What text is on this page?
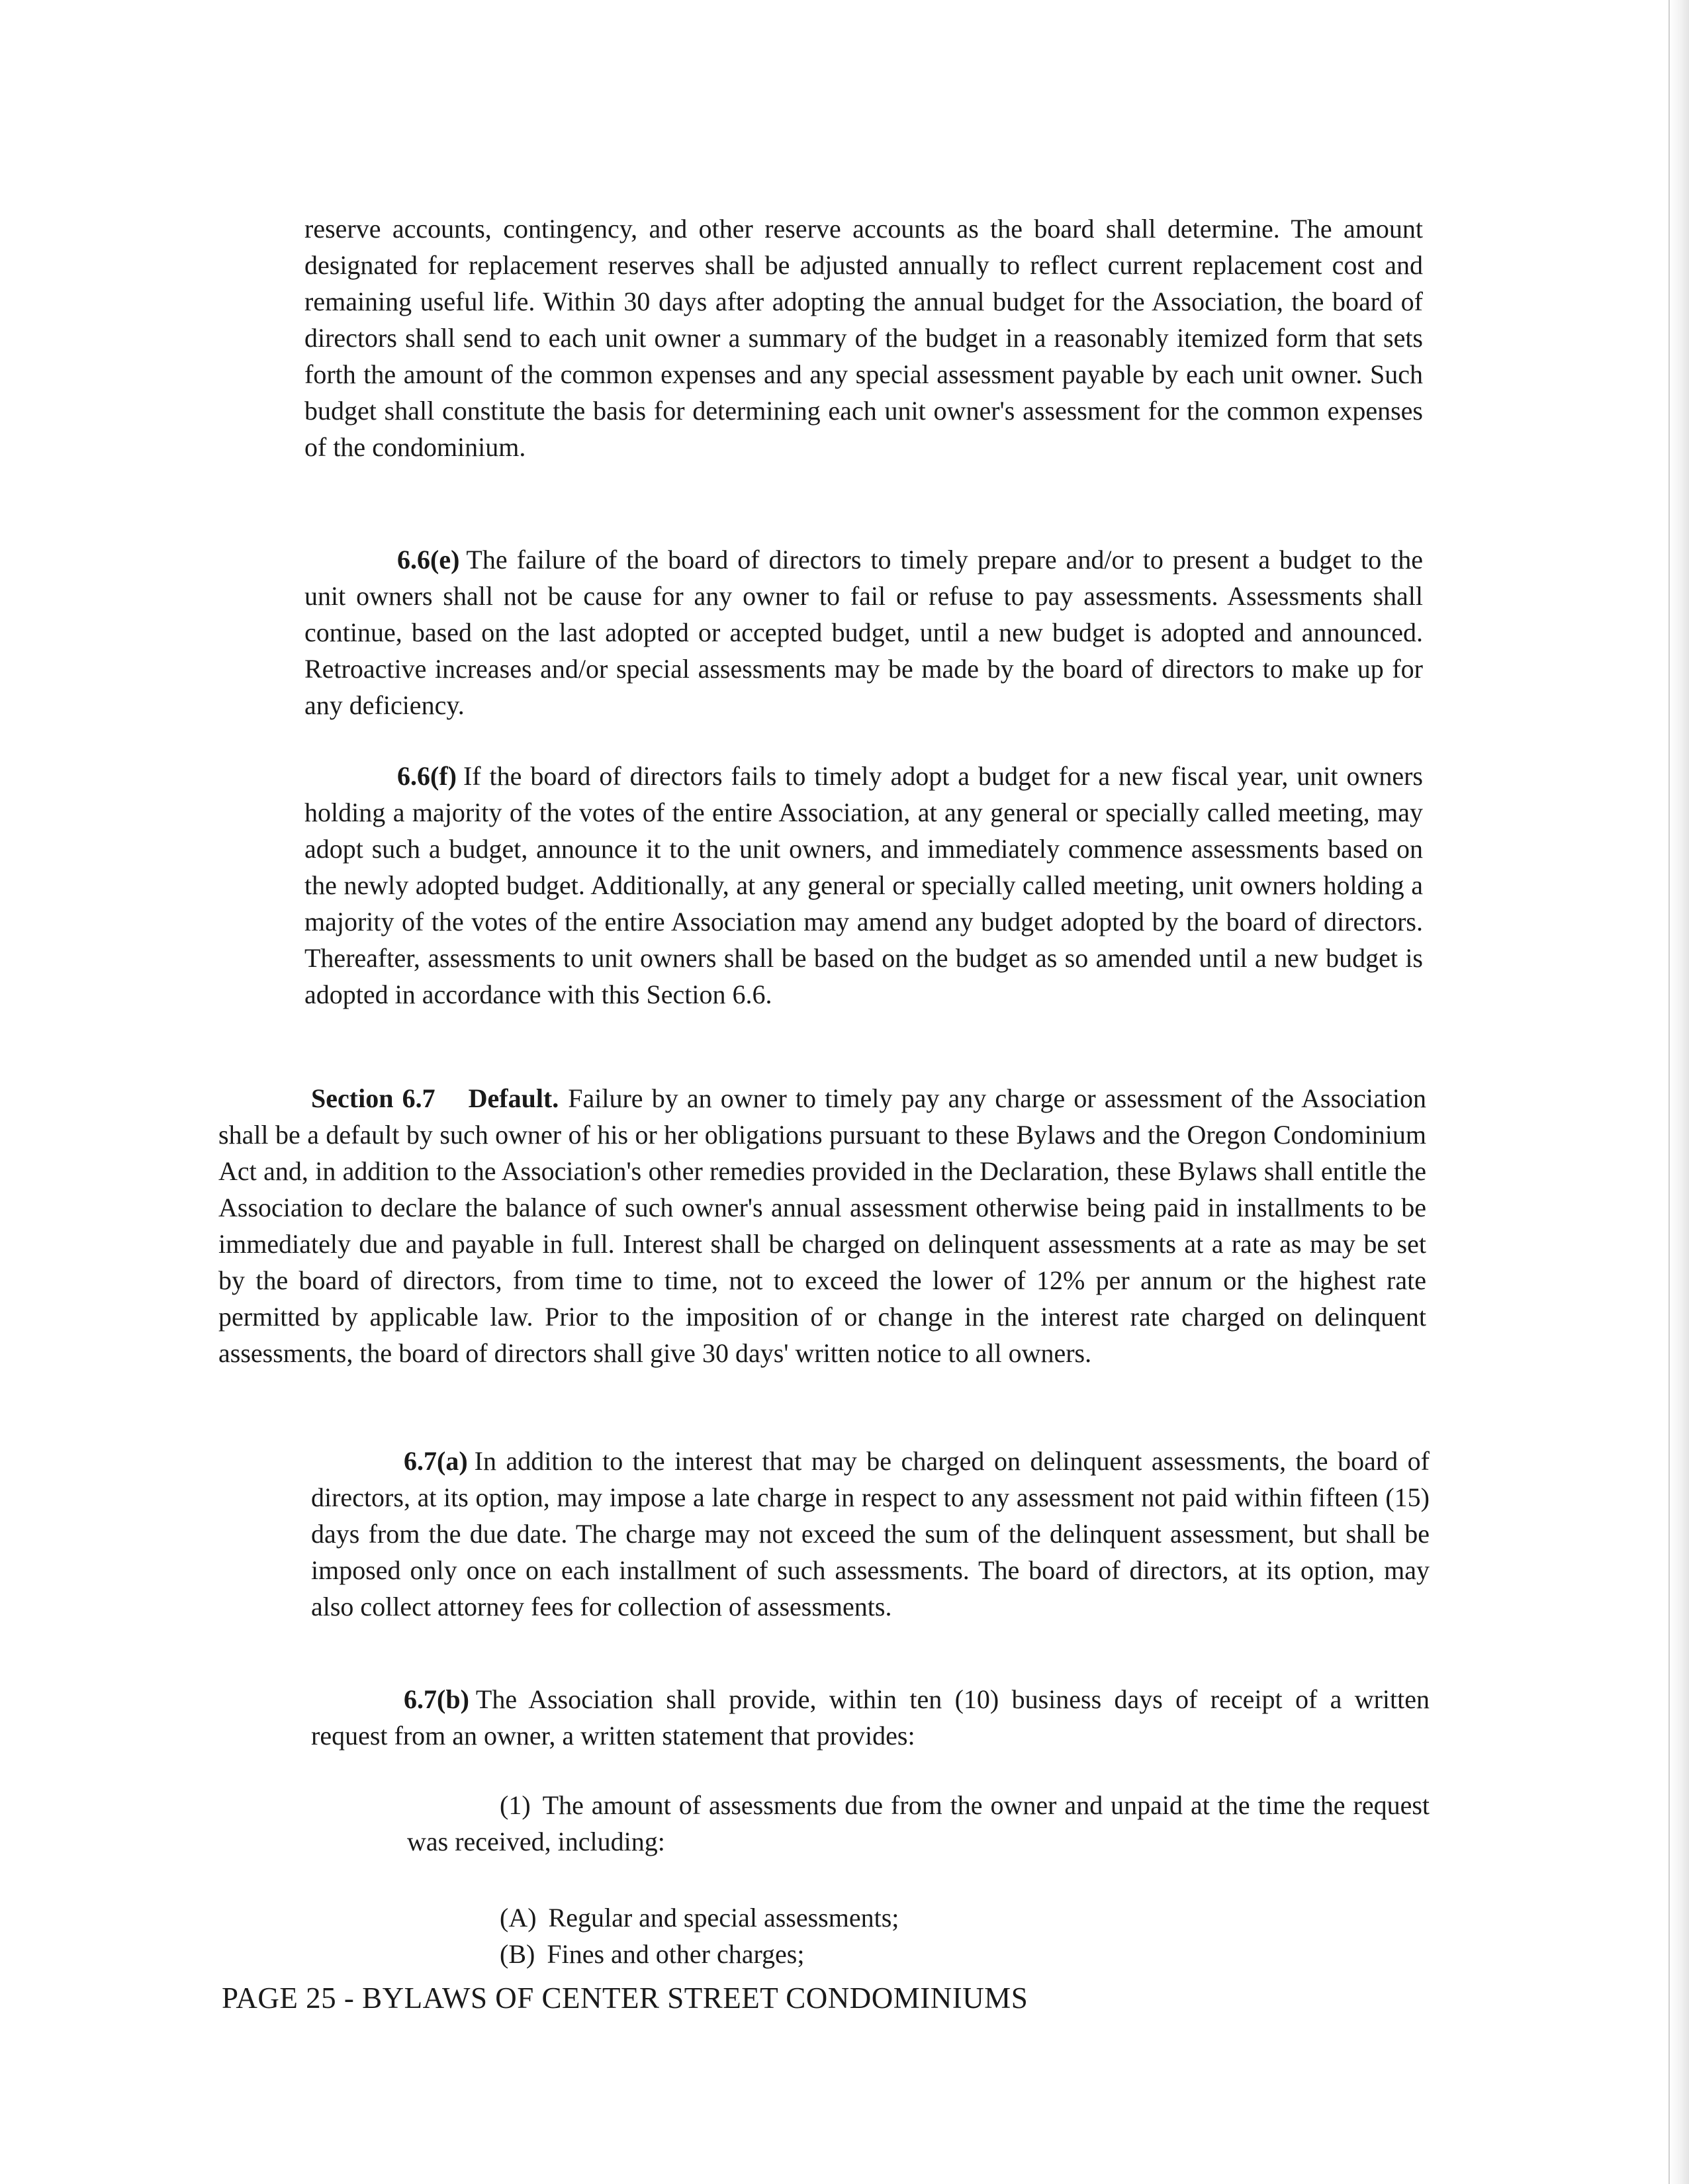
reserve accounts, contingency, and other reserve accounts as the board shall determine. The amount designated for replacement reserves shall be adjusted annually to reflect current replacement cost and remaining useful life. Within 30 days after adopting the annual budget for the Association, the board of directors shall send to each unit owner a summary of the budget in a reasonably itemized form that sets forth the amount of the common expenses and any special assessment payable by each unit owner. Such budget shall constitute the basis for determining each unit owner's assessment for the common expenses of the condominium.

6.6(e) The failure of the board of directors to timely prepare and/or to present a budget to the unit owners shall not be cause for any owner to fail or refuse to pay assessments. Assessments shall continue, based on the last adopted or accepted budget, until a new budget is adopted and announced. Retroactive increases and/or special assessments may be made by the board of directors to make up for any deficiency.

6.6(f) If the board of directors fails to timely adopt a budget for a new fiscal year, unit owners holding a majority of the votes of the entire Association, at any general or specially called meeting, may adopt such a budget, announce it to the unit owners, and immediately commence assessments based on the newly adopted budget. Additionally, at any general or specially called meeting, unit owners holding a majority of the votes of the entire Association may amend any budget adopted by the board of directors. Thereafter, assessments to unit owners shall be based on the budget as so amended until a new budget is adopted in accordance with this Section 6.6.

Section 6.7 Default. Failure by an owner to timely pay any charge or assessment of the Association shall be a default by such owner of his or her obligations pursuant to these Bylaws and the Oregon Condominium Act and, in addition to the Association's other remedies provided in the Declaration, these Bylaws shall entitle the Association to declare the balance of such owner's annual assessment otherwise being paid in installments to be immediately due and payable in full. Interest shall be charged on delinquent assessments at a rate as may be set by the board of directors, from time to time, not to exceed the lower of 12% per annum or the highest rate permitted by applicable law. Prior to the imposition of or change in the interest rate charged on delinquent assessments, the board of directors shall give 30 days' written notice to all owners.

6.7(a) In addition to the interest that may be charged on delinquent assessments, the board of directors, at its option, may impose a late charge in respect to any assessment not paid within fifteen (15) days from the due date. The charge may not exceed the sum of the delinquent assessment, but shall be imposed only once on each installment of such assessments. The board of directors, at its option, may also collect attorney fees for collection of assessments.

6.7(b) The Association shall provide, within ten (10) business days of receipt of a written request from an owner, a written statement that provides:

(1) The amount of assessments due from the owner and unpaid at the time the request was received, including:

(A) Regular and special assessments;

(B) Fines and other charges;

PAGE 25 - BYLAWS OF CENTER STREET CONDOMINIUMS
